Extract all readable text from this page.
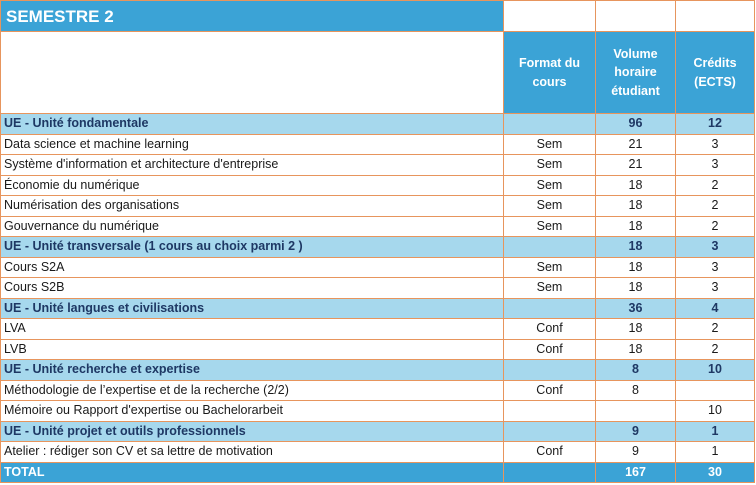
SEMESTRE 2			
	Format du cours	Volume horaire étudiant	Crédits (ECTS)
UE - Unité fondamentale		96	12
Data science et machine learning	Sem	21	3
Système d'information et architecture d'entreprise	Sem	21	3
Économie du numérique	Sem	18	2
Numérisation des organisations	Sem	18	2
Gouvernance du numérique	Sem	18	2
UE - Unité transversale (1 cours au choix parmi 2 )		18	3
Cours S2A	Sem	18	3
Cours S2B	Sem	18	3
UE - Unité langues et civilisations		36	4
LVA	Conf	18	2
LVB	Conf	18	2
UE - Unité recherche et expertise		8	10
Méthodologie de l’expertise et de la recherche (2/2)	Conf	8	
Mémoire ou Rapport d'expertise ou Bachelorarbeit			10
UE - Unité projet et outils professionnels		9	1
Atelier : rédiger son CV et sa lettre de motivation	Conf	9	1
TOTAL		167	30
